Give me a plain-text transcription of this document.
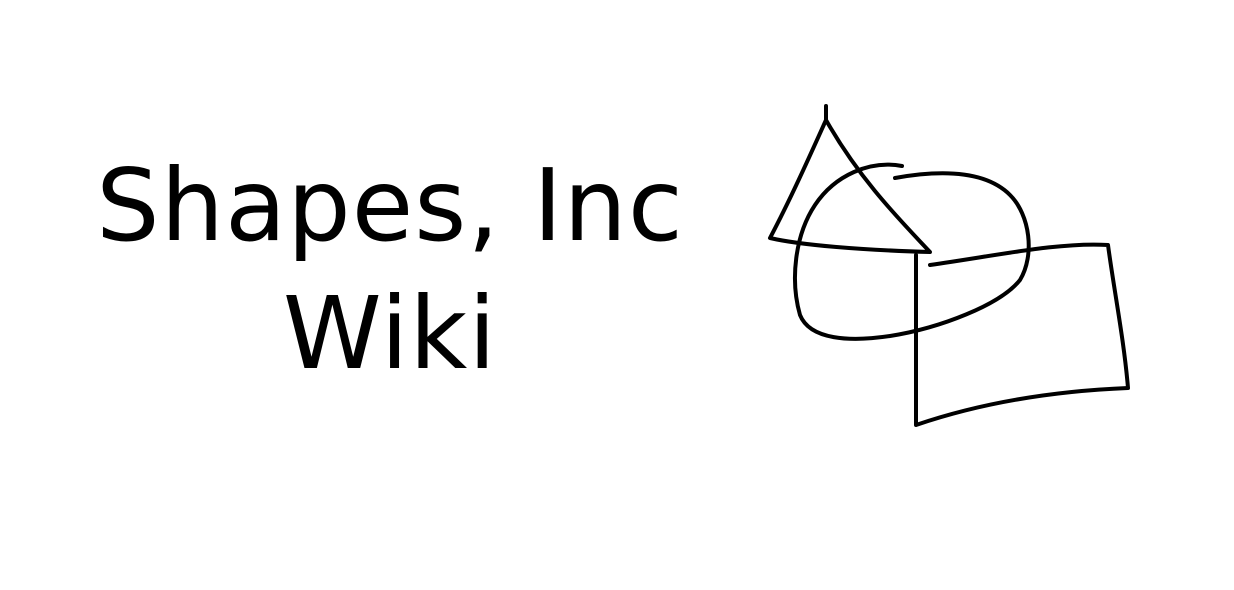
Shapes, Inc
Wiki
